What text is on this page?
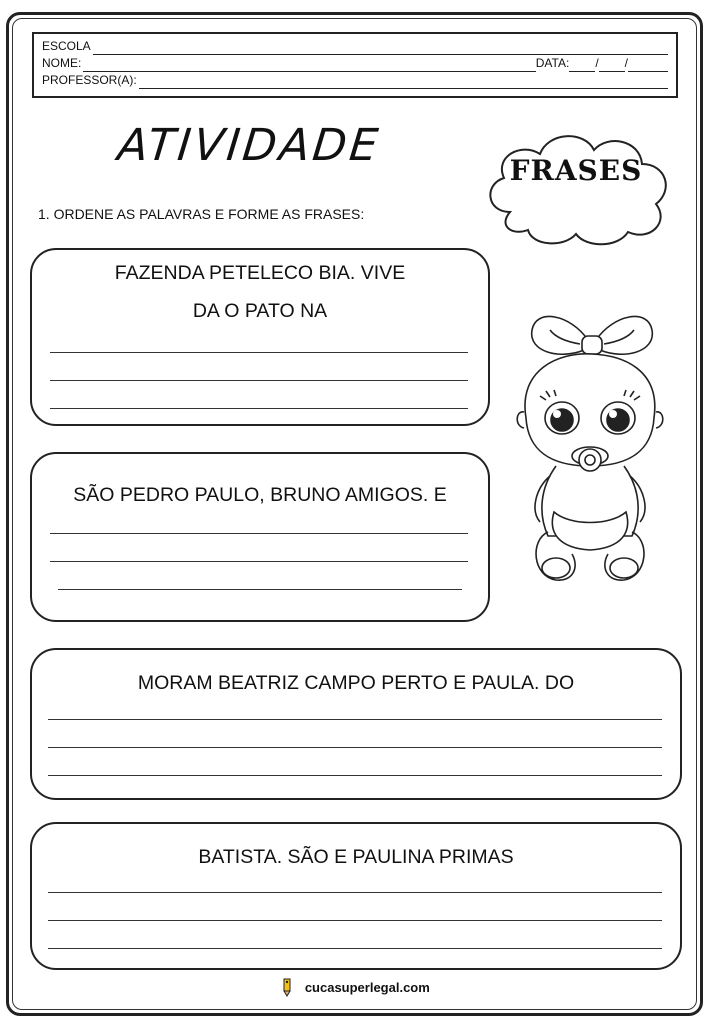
ESCOLA
NOME:	DATA: / /
PROFESSOR(A):
ATIVIDADE	FRASES
1. ORDENE AS PALAVRAS E FORME AS FRASES:
FAZENDA PETELECO BIA. VIVE
DA O PATO NA
SÃO PEDRO PAULO, BRUNO AMIGOS. E
MORAM BEATRIZ CAMPO PERTO E PAULA. DO
BATISTA. SÃO E PAULINA PRIMAS
cucasuperlegal.com
